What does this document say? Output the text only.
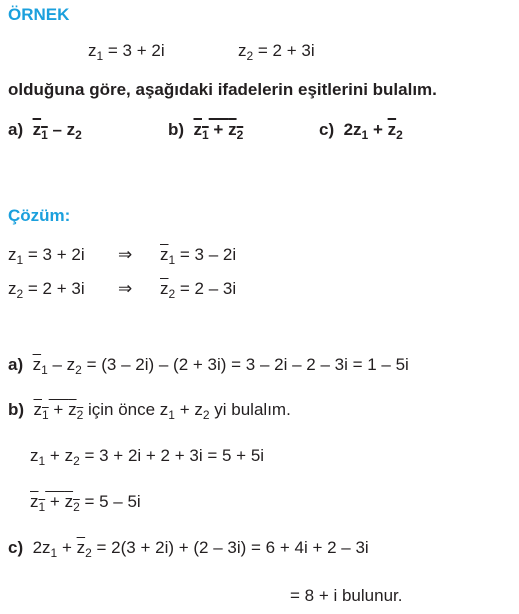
ÖRNEK
$z_1 = 3 + 2i$	$z_2 = 2 + 3i$
olduğuna göre, aşağıdaki ifadelerin eşitlerini bulalım.
a) $z_1 - z_2$	b) $z_1 + z_2$	c) $2z_1 + \overline{z}_2$
Çözüm:
$z_1 = 3 + 2i$ ⇒ $\overline{z}_1 = 3 - 2i$
$z_2 = 2 + 3i$ ⇒ $\overline{z}_2 = 2 - 3i$
a) $\overline{z}_1 - z_2 = (3 - 2i) - (2 + 3i) = 3 - 2i - 2 - 3i = 1 - 5i$
b) $z_1 + z_2$ için önce $z_1 + z_2$ yi bulalım.
$z_1 + z_2 = 3 + 2i + 2 + 3i = 5 + 5i$
$z_1 + z_2 = 5 - 5i$
c) $2z_1 + \overline{z}_2 = 2(3 + 2i) + (2 - 3i) = 6 + 4i + 2 - 3i$
= 8 + i bulunur.
